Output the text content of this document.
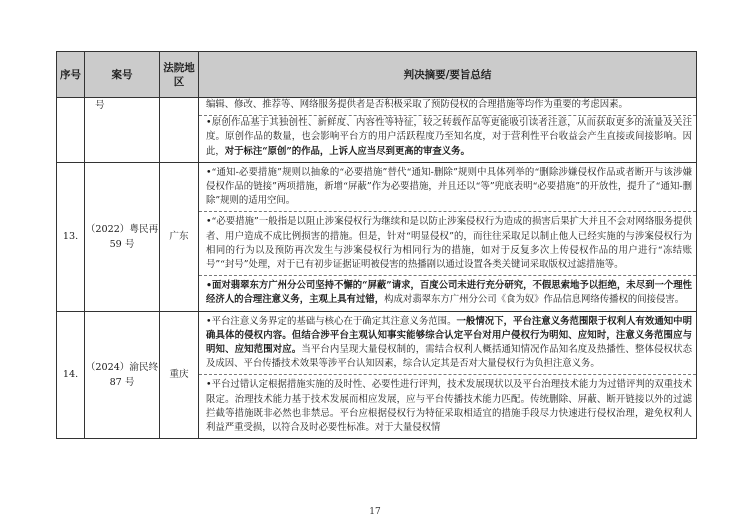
序号	案号	法院地区	判决摘要/要旨总结
	号		编辑、修改、推荐等、网络服务提供者是否积极采取了预防侵权的合理措施等均作为重要的考虑因素。
•原创作品基于其独创性、新鲜度、内容性等特征，较之转载作品等更能吸引读者注意，从而获取更多的流量及关注度。原创作品的数量，也会影响平台方的用户活跃程度乃至知名度，对于营利性平台收益会产生直接或间接影响。因此，对于标注“原创”的作品，上诉人应当尽到更高的审查义务。

13.	（2022）粤民再 59 号	广东	•“通知-必要措施”规则以抽象的“必要措施”替代“通知-删除”规则中具体列举的“删除涉嫌侵权作品或者断开与该涉嫌侵权作品的链接”两项措施，新增“屏蔽”作为必要措施，并且还以“等”兜底表明“必要措施”的开放性，提升了“通知-删除”规则的适用空间。
•“必要措施”一般指是以阻止涉案侵权行为继续和是以防止涉案侵权行为造成的损害后果扩大并且不会对网络服务提供者、用户造成不成比例损害的措施。但是，针对“明显侵权”的，而往往采取足以制止他人已经实施的与涉案侵权行为相同的行为以及预防再次发生与涉案侵权行为相同行为的措施，如对于反复多次上传侵权作品的用户进行“冻结账号”“封号”处理，对于已有初步证据证明被侵害的热播剧以通过设置各类关键词采取版权过滤措施等。
•面对翡翠东方广州分公司坚持不懈的“屏蔽”请求，百度公司未进行充分研究，不假思索地予以拒绝，未尽到一个理性经济人的合理注意义务，主观上具有过错，构成对翡翠东方广州分公司《食为奴》作品信息网络传播权的间接侵害。

14.	（2024）渝民终 87 号	重庆	•平台注意义务界定的基础与核心在于确定其注意义务范围。一般情况下，平台注意义务范围限于权利人有效通知中明确具体的侵权内容。但结合涉平台主观认知事实能够综合认定平台对用户侵权行为明知、应知时，注意义务范围应与明知、应知范围对应。当平台内呈现大量侵权制的，需结合权利人概括通知情况作品知名度及热播性、整体侵权状态及成因、平台传播技术效果等涉平台认知因素，综合认定其是否对大量侵权行为负担注意义务。
•平台过错认定根据措施实施的及时性、必要性进行评判，技术发展现状以及平台治理技术能力为过错评判的双重技术限定。治理技术能力基于技术发展而相应发展，应与平台传播技术能力匹配。传统删除、屏蔽、断开链接以外的过滤拦截等措施既非必然也非禁忌。平台应根据侵权行为特征采取相适宜的措施手段尽力快速进行侵权治理，避免权利人利益严重受损，以符合及时必要性标准。对于大量侵权情
17
